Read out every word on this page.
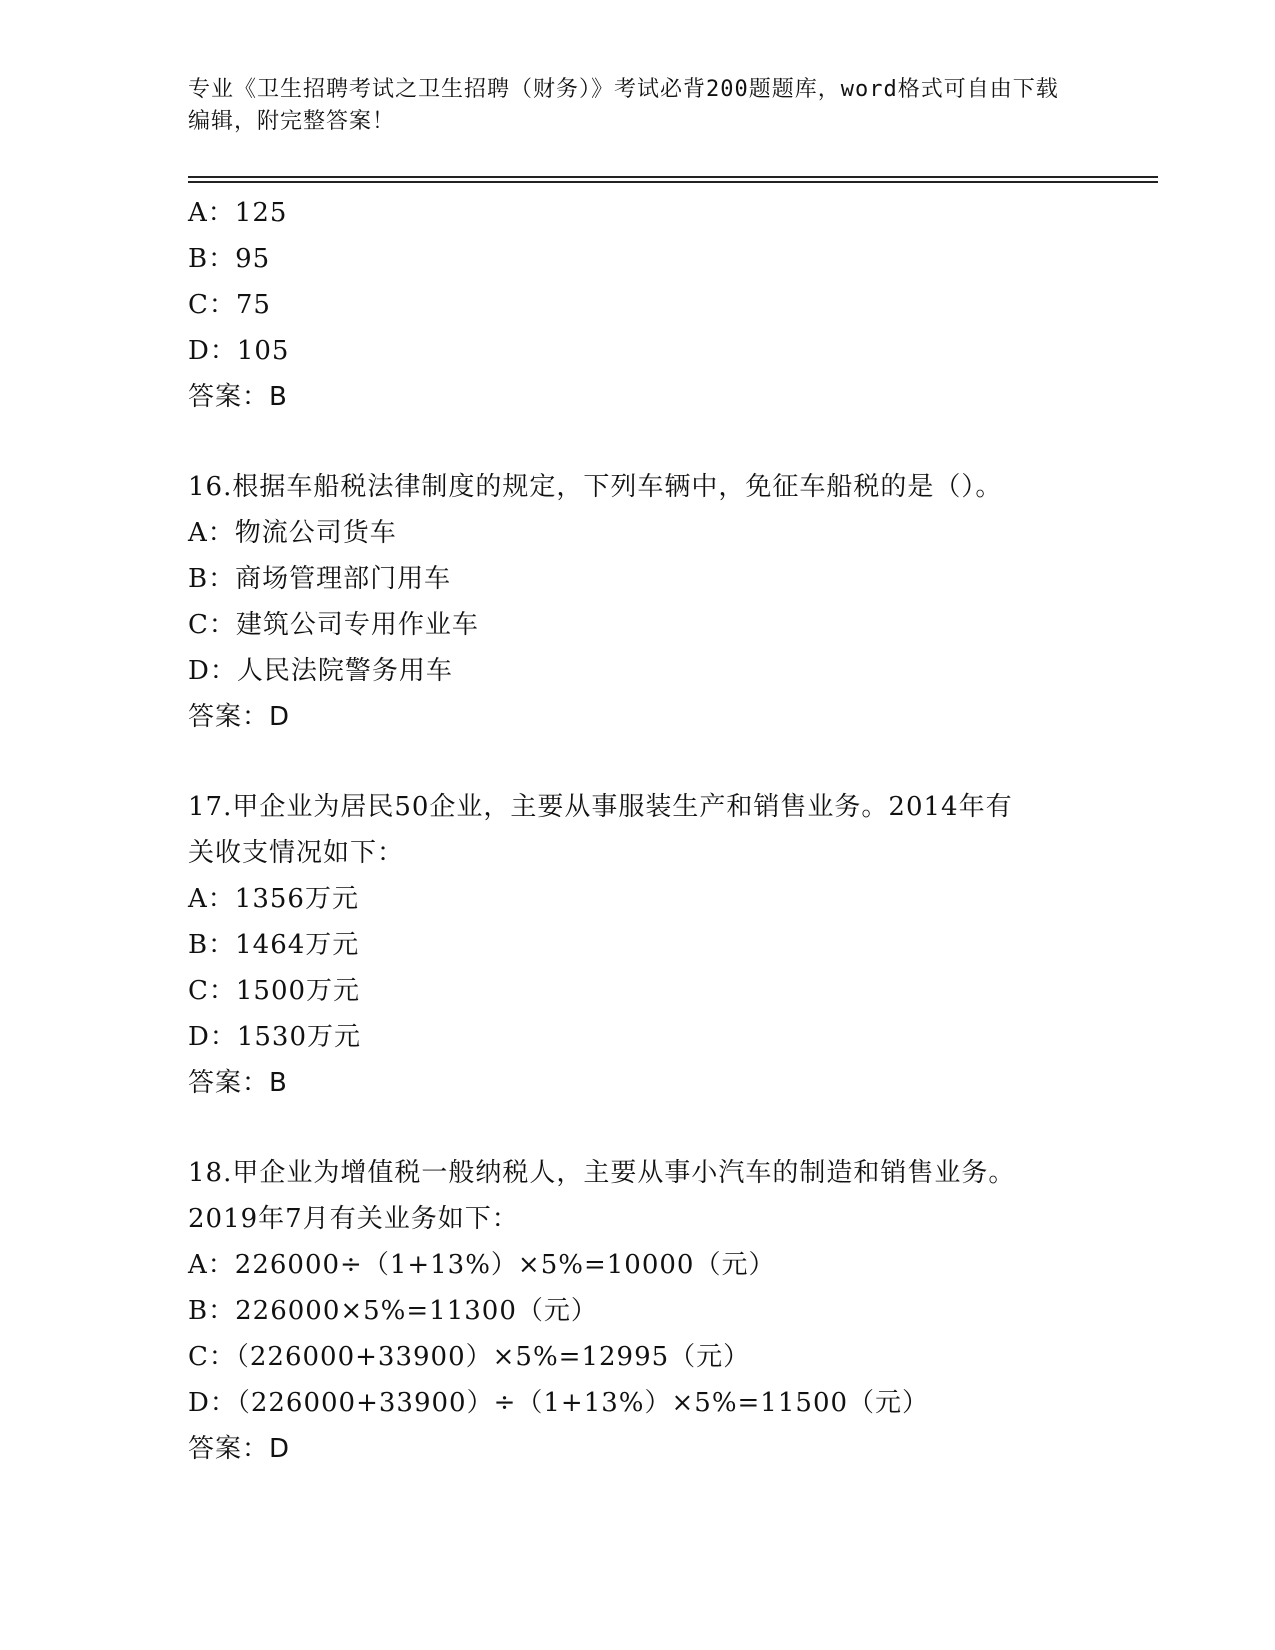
专业《卫生招聘考试之卫生招聘（财务）》考试必背200题题库，word格式可自由下载编辑，附完整答案！

A：125
B：95
C：75
D：105
答案：B
16.根据车船税法律制度的规定，下列车辆中，免征车船税的是（）。
A：物流公司货车
B：商场管理部门用车
C：建筑公司专用作业车
D：人民法院警务用车
答案：D
17.甲企业为居民50企业，主要从事服装生产和销售业务。2014年有
关收支情况如下：
A：1356万元
B：1464万元
C：1500万元
D：1530万元
答案：B
18.甲企业为增值税一般纳税人，主要从事小汽车的制造和销售业务。
2019年7月有关业务如下：
A：226000÷（1+13%）×5%=10000（元）
B：226000×5%=11300（元）
C：（226000+33900）×5%=12995（元）
D：（226000+33900）÷（1+13%）×5%=11500（元）
答案：D
